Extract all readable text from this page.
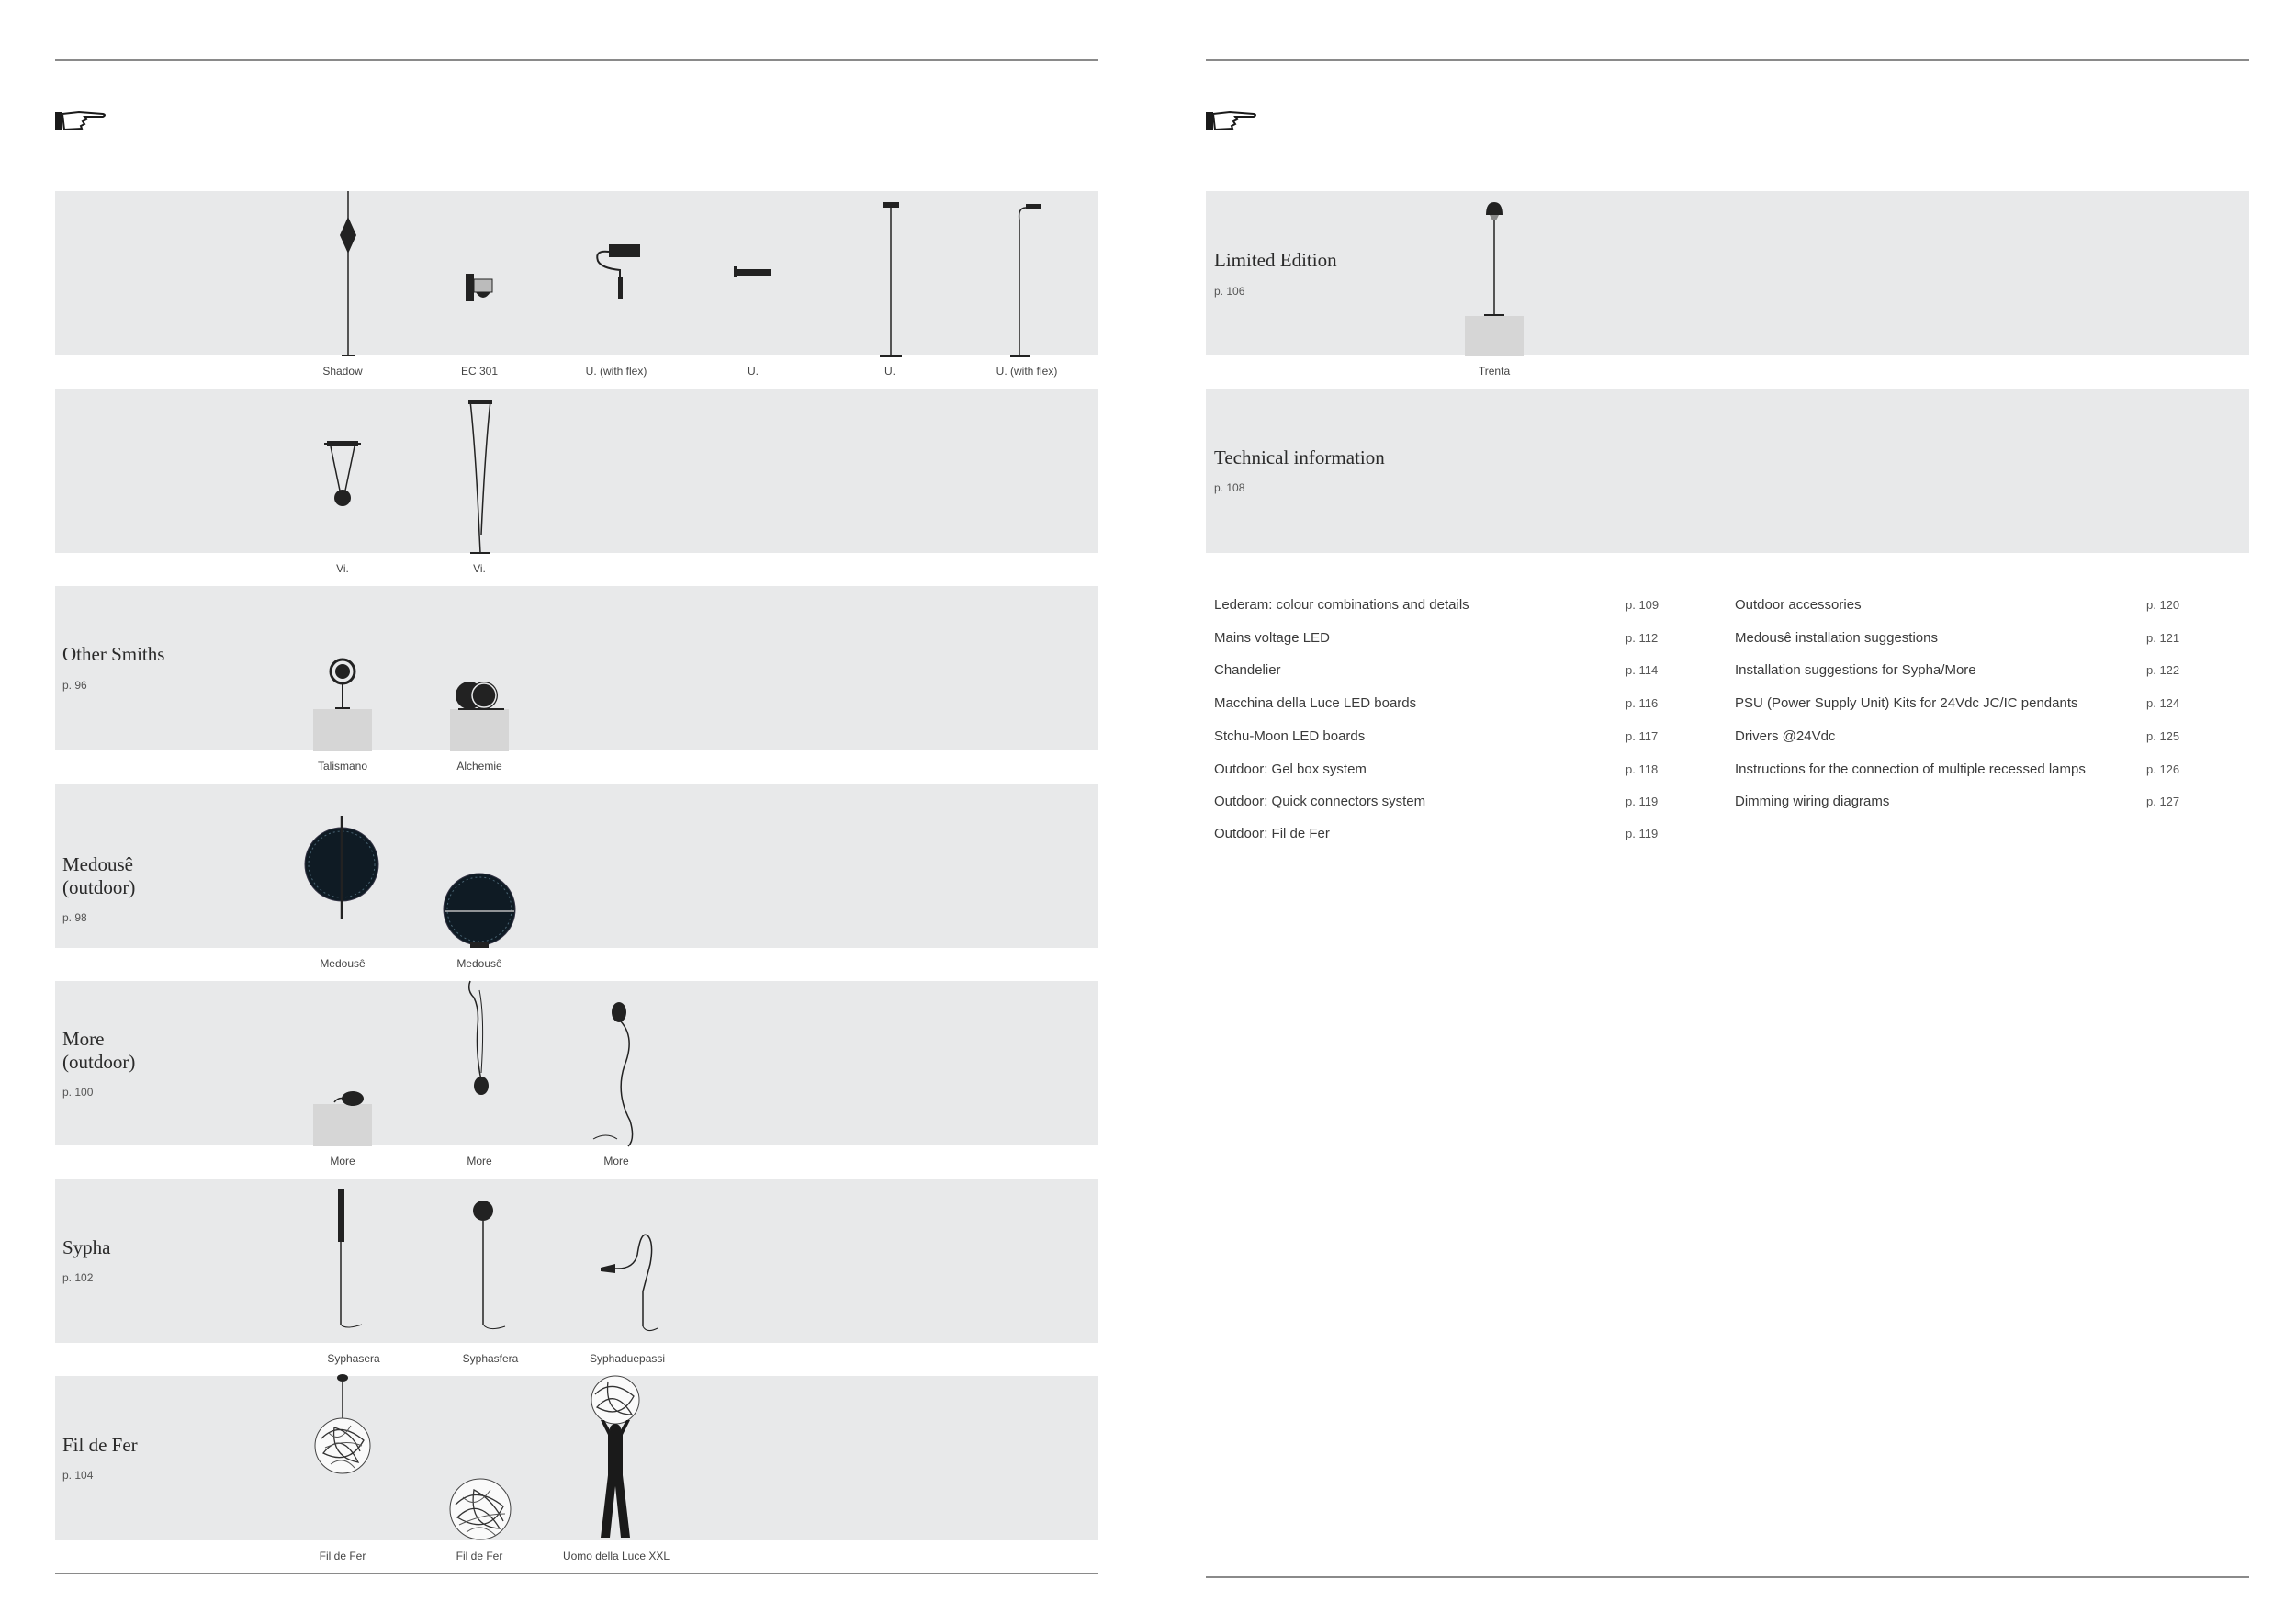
Other Smiths
p. 96
Medousê
(outdoor)
p. 98
More
(outdoor)
p. 100
Sypha
p. 102
Fil de Fer
p. 104
Shadow	EC 301	U. (with flex)	U.	U.	U. (with flex)
Vi.	Vi.
Talismano	Alchemie
Medousê	Medousê
More	More	More
Syphasera	Syphasfera	Syphaduepassi
Fil de Fer	Fil de Fer	Uomo della Luce XXL
Limited Edition
p. 106
Technical information
p. 108
Trenta
Lederam: colour combinations and details	p. 109
Mains voltage LED	p. 112
Chandelier	p. 114
Macchina della Luce LED boards	p. 116
Stchu-Moon LED boards	p. 117
Outdoor: Gel box system	p. 118
Outdoor: Quick connectors system	p. 119
Outdoor: Fil de Fer	p. 119
Outdoor accessories	p. 120
Medousê installation suggestions	p. 121
Installation suggestions for Sypha/More	p. 122
PSU (Power Supply Unit) Kits for 24Vdc JC/IC pendants	p. 124
Drivers @24Vdc	p. 125
Instructions for the connection of multiple recessed lamps	p. 126
Dimming wiring diagrams	p. 127
